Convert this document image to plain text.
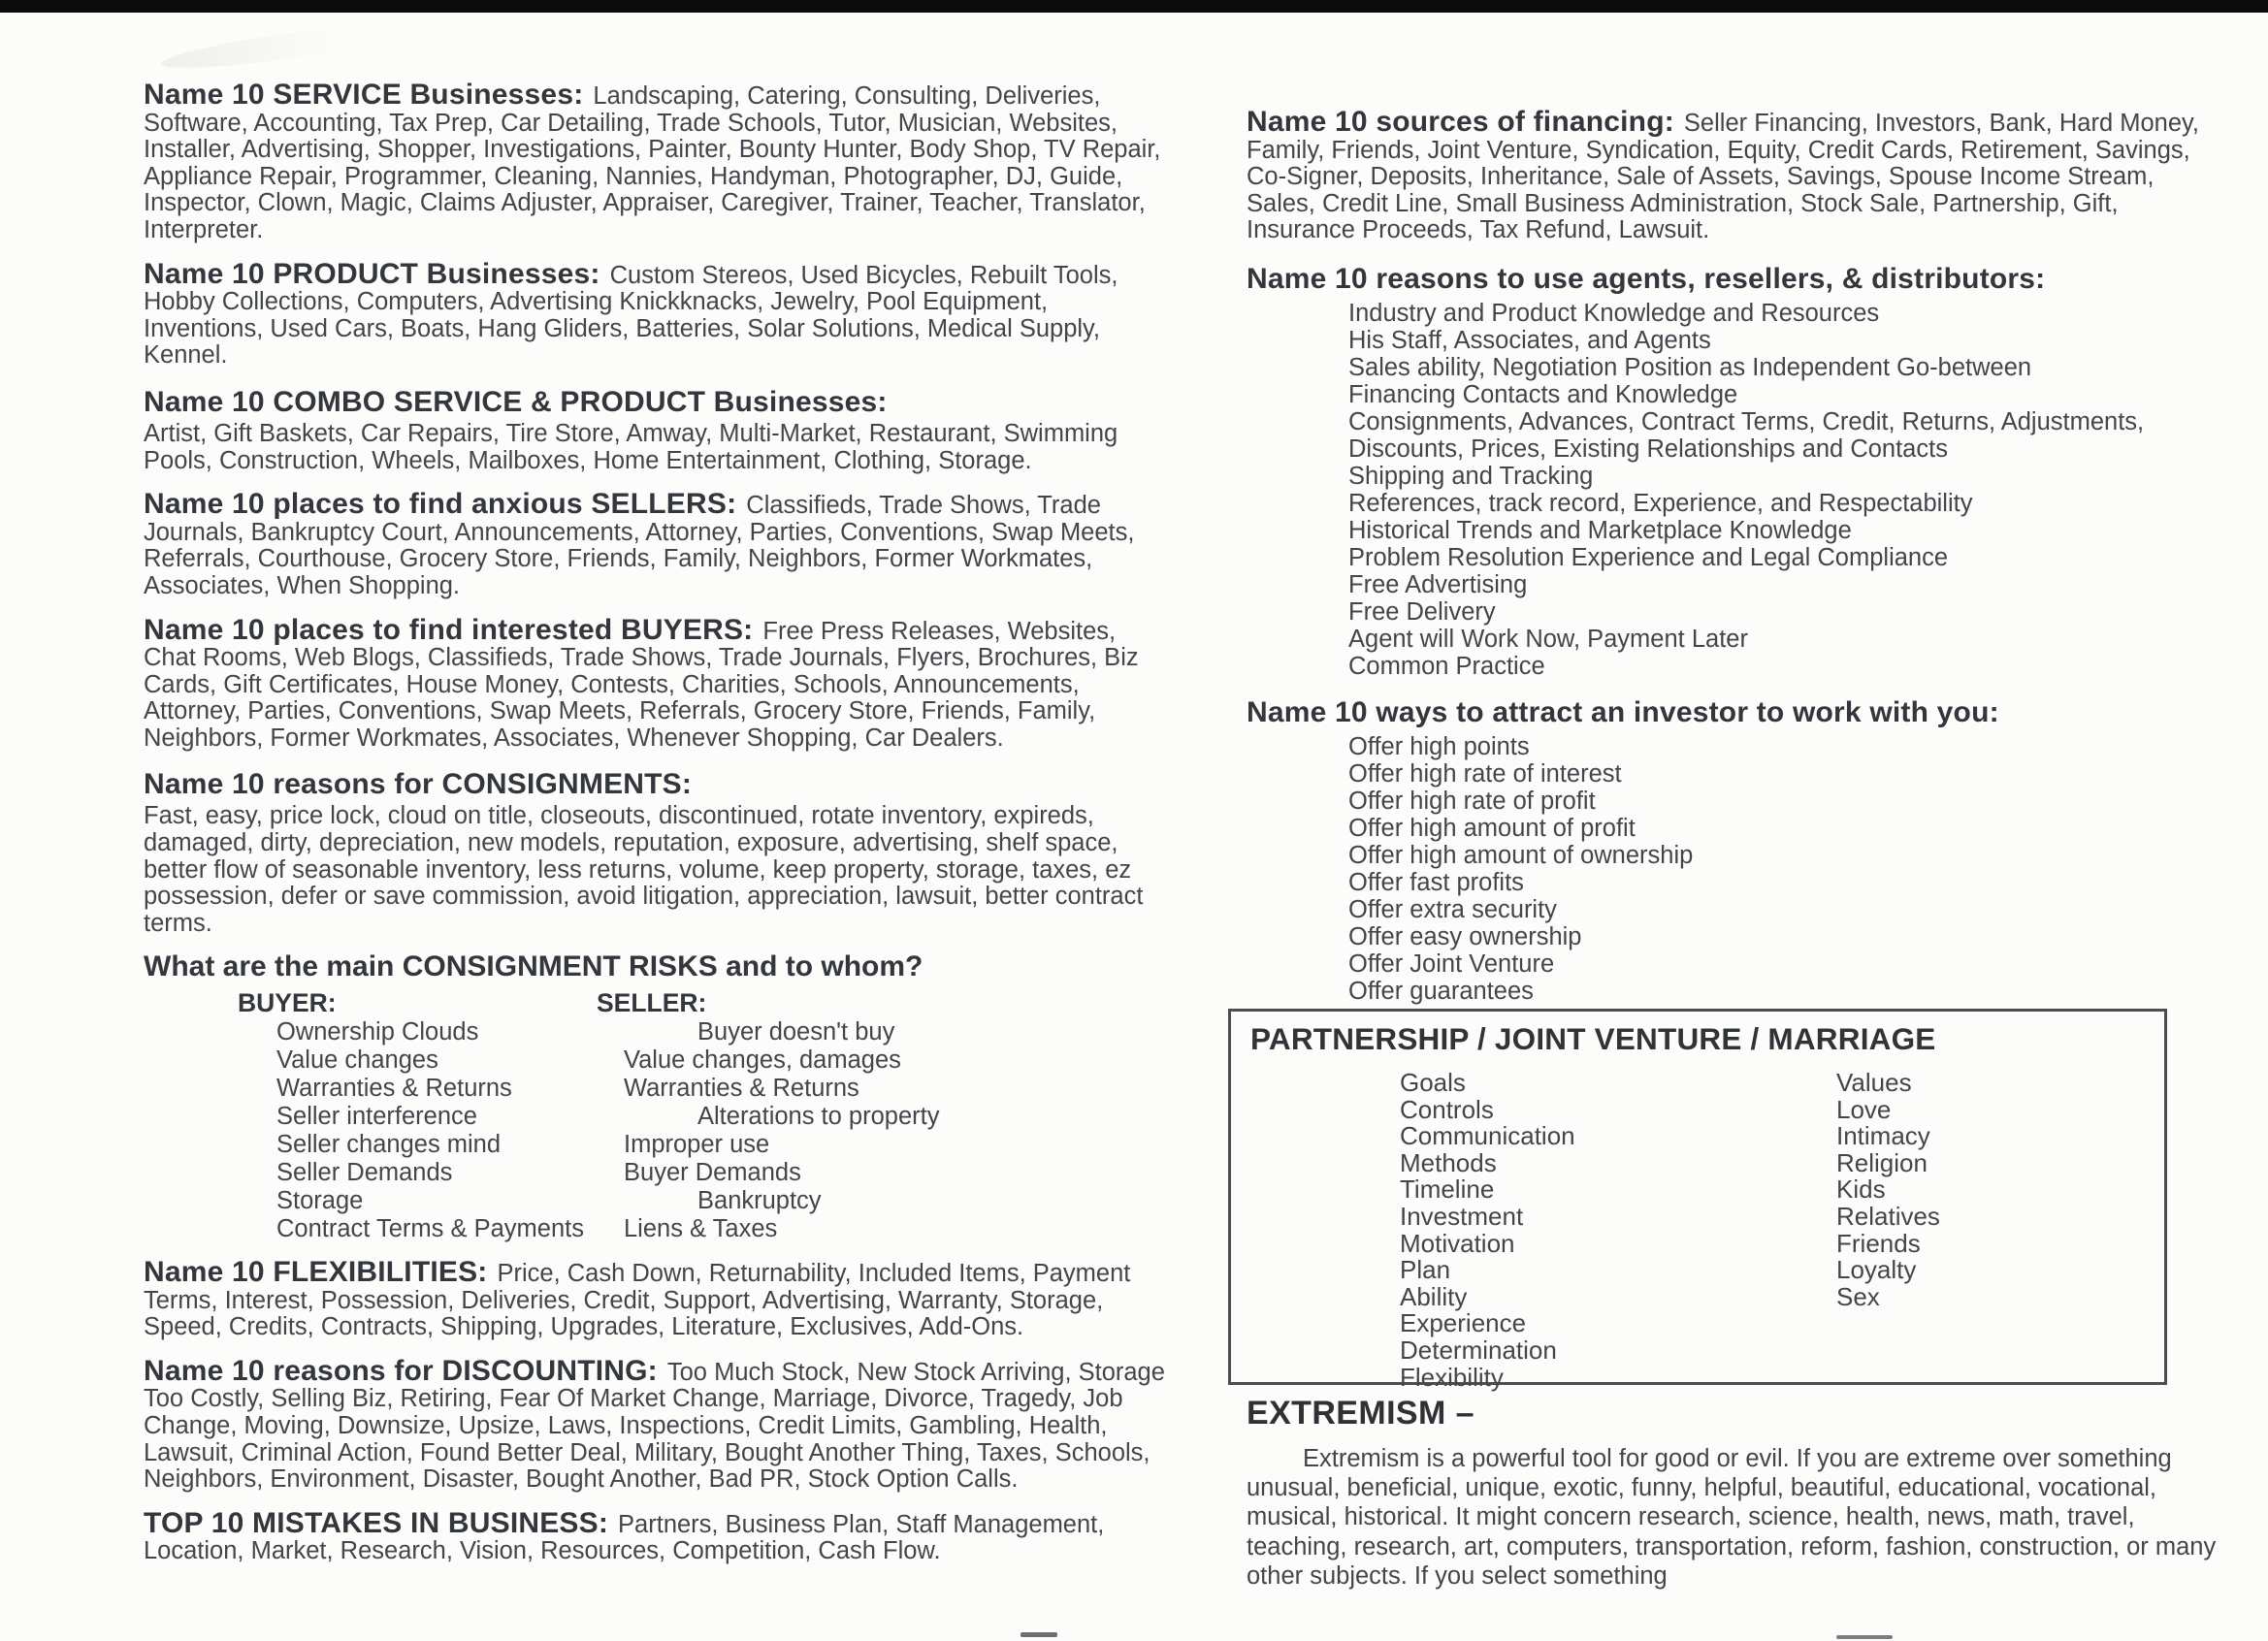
Name 10 SERVICE Businesses: Landscaping, Catering, Consulting, Deliveries, Software, Accounting, Tax Prep, Car Detailing, Trade Schools, Tutor, Musician, Websites, Installer, Advertising, Shopper, Investigations, Painter, Bounty Hunter, Body Shop, TV Repair, Appliance Repair, Programmer, Cleaning, Nannies, Handyman, Photographer, DJ, Guide, Inspector, Clown, Magic, Claims Adjuster, Appraiser, Caregiver, Trainer, Teacher, Translator, Interpreter.

Name 10 PRODUCT Businesses: Custom Stereos, Used Bicycles, Rebuilt Tools, Hobby Collections, Computers, Advertising Knickknacks, Jewelry, Pool Equipment, Inventions, Used Cars, Boats, Hang Gliders, Batteries, Solar Solutions, Medical Supply, Kennel.

Name 10 COMBO SERVICE & PRODUCT Businesses:
Artist, Gift Baskets, Car Repairs, Tire Store, Amway, Multi-Market, Restaurant, Swimming Pools, Construction, Wheels, Mailboxes, Home Entertainment, Clothing, Storage.

Name 10 places to find anxious SELLERS: Classifieds, Trade Shows, Trade Journals, Bankruptcy Court, Announcements, Attorney, Parties, Conventions, Swap Meets, Referrals, Courthouse, Grocery Store, Friends, Family, Neighbors, Former Workmates, Associates, When Shopping.

Name 10 places to find interested BUYERS: Free Press Releases, Websites, Chat Rooms, Web Blogs, Classifieds, Trade Shows, Trade Journals, Flyers, Brochures, Biz Cards, Gift Certificates, House Money, Contests, Charities, Schools, Announcements, Attorney, Parties, Conventions, Swap Meets, Referrals, Grocery Store, Friends, Family, Neighbors, Former Workmates, Associates, Whenever Shopping, Car Dealers.

Name 10 reasons for CONSIGNMENTS:
Fast, easy, price lock, cloud on title, closeouts, discontinued, rotate inventory, expireds, damaged, dirty, depreciation, new models, reputation, exposure, advertising, shelf space, better flow of seasonable inventory, less returns, volume, keep property, storage, taxes, ez possession, defer or save commission, avoid litigation, appreciation, lawsuit, better contract terms.

What are the main CONSIGNMENT RISKS and to whom?

BUYER:
Ownership Clouds
Value changes
Warranties & Returns
Seller interference
Seller changes mind
Seller Demands
Storage
Contract Terms & Payments
SELLER:
Buyer doesn't buy
Value changes, damages
Warranties & Returns
Alterations to property
Improper use
Buyer Demands
Bankruptcy
Liens & Taxes

Name 10 FLEXIBILITIES: Price, Cash Down, Returnability, Included Items, Payment Terms, Interest, Possession, Deliveries, Credit, Support, Advertising, Warranty, Storage, Speed, Credits, Contracts, Shipping, Upgrades, Literature, Exclusives, Add-Ons.

Name 10 reasons for DISCOUNTING: Too Much Stock, New Stock Arriving, Storage Too Costly, Selling Biz, Retiring, Fear Of Market Change, Marriage, Divorce, Tragedy, Job Change, Moving, Downsize, Upsize, Laws, Inspections, Credit Limits, Gambling, Health, Lawsuit, Criminal Action, Found Better Deal, Military, Bought Another Thing, Taxes, Schools, Neighbors, Environment, Disaster, Bought Another, Bad PR, Stock Option Calls.

TOP 10 MISTAKES IN BUSINESS: Partners, Business Plan, Staff Management, Location, Market, Research, Vision, Resources, Competition, Cash Flow.

Name 10 sources of financing: Seller Financing, Investors, Bank, Hard Money, Family, Friends, Joint Venture, Syndication, Equity, Credit Cards, Retirement, Savings, Co-Signer, Deposits, Inheritance, Sale of Assets, Savings, Spouse Income Stream, Sales, Credit Line, Small Business Administration, Stock Sale, Partnership, Gift, Insurance Proceeds, Tax Refund, Lawsuit.

Name 10 reasons to use agents, resellers, & distributors:
Industry and Product Knowledge and Resources
His Staff, Associates, and Agents
Sales ability, Negotiation Position as Independent Go-between
Financing Contacts and Knowledge
Consignments, Advances, Contract Terms, Credit, Returns, Adjustments, Discounts, Prices, Existing Relationships and Contacts
Shipping and Tracking
References, track record, Experience, and Respectability
Historical Trends and Marketplace Knowledge
Problem Resolution Experience and Legal Compliance
Free Advertising
Free Delivery
Agent will Work Now, Payment Later
Common Practice
Name 10 ways to attract an investor to work with you:
Offer high points
Offer high rate of interest
Offer high rate of profit
Offer high amount of profit
Offer high amount of ownership
Offer fast profits
Offer extra security
Offer easy ownership
Offer Joint Venture
Offer guarantees
PARTNERSHIP / JOINT VENTURE / MARRIAGE
Goals
Controls
Communication
Methods
Timeline
Investment
Motivation
Plan
Ability
Experience
Determination
Flexibility
Values
Love
Intimacy
Religion
Kids
Relatives
Friends
Loyalty
Sex
EXTREMISM –
Extremism is a powerful tool for good or evil. If you are extreme over something unusual, beneficial, unique, exotic, funny, helpful, beautiful, educational, vocational, musical, historical. It might concern research, science, health, news, math, travel, teaching, research, art, computers, transportation, reform, fashion, construction, or many other subjects. If you select something
